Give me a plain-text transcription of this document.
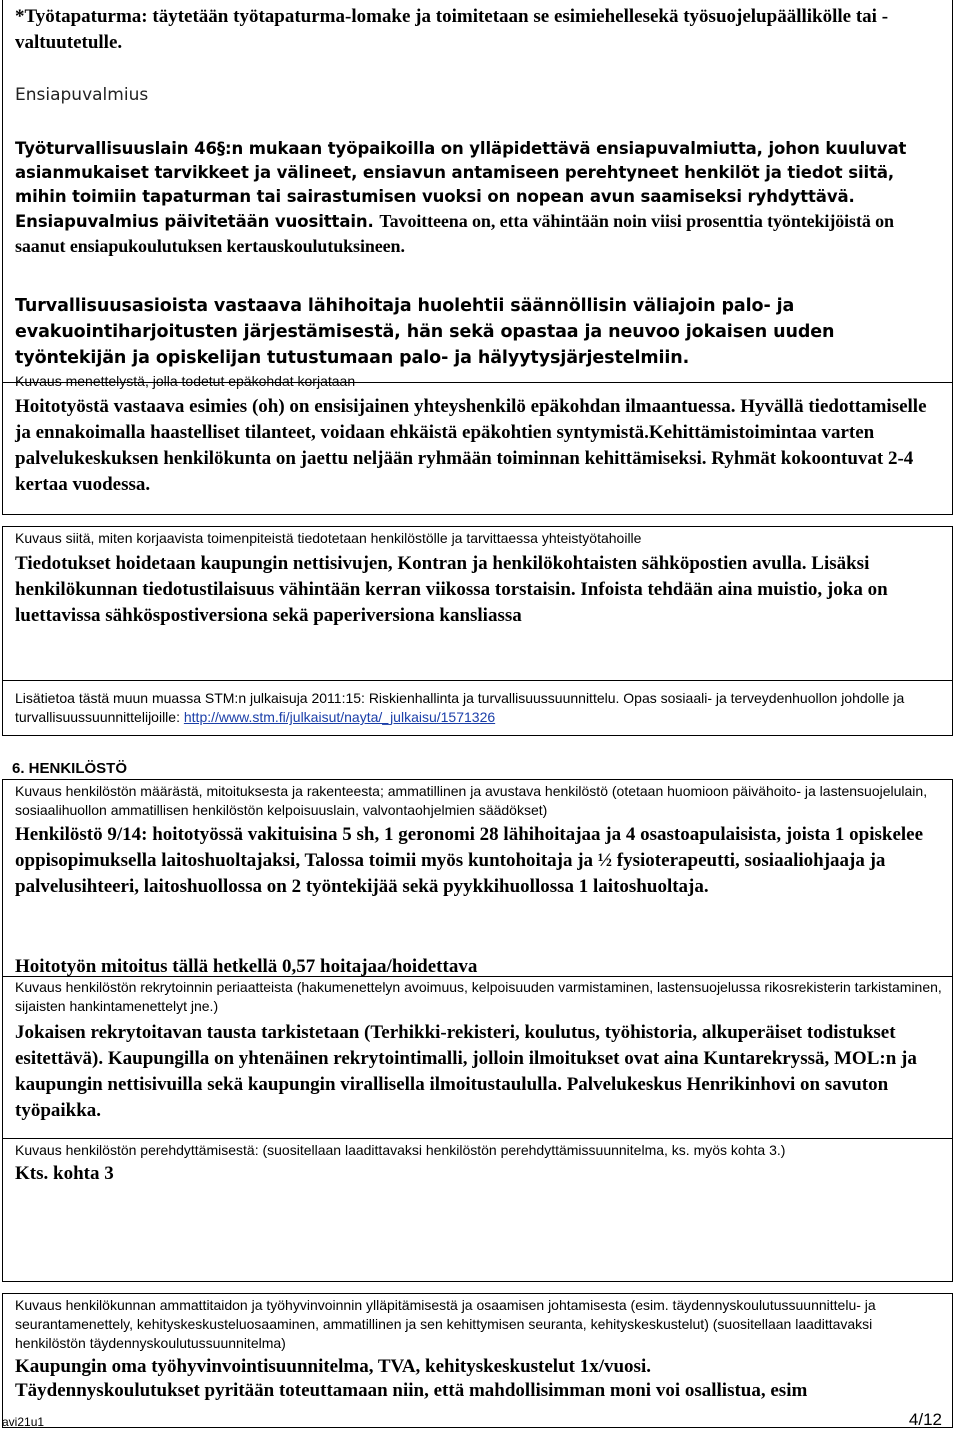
*Työtapaturma: täytetään työtapaturma-lomake ja toimitetaan se esimiehellesekä työsuojelupäällikölle tai -valtuutetulle.
Ensiapuvalmius
Työturvallisuuslain 46§:n mukaan työpaikoilla on ylläpidettävä ensiapuvalmiutta, johon kuuluvat asianmukaiset tarvikkeet ja välineet, ensiavun antamiseen perehtyneet henkilöt ja tiedot siitä, mihin toimiin tapaturman tai sairastumisen vuoksi on nopean avun saamiseksi ryhdyttävä. Ensiapuvalmius päivitetään vuosittain. Tavoitteena on, etta vähintään noin viisi prosenttia työntekijöistä on saanut ensiapukoulutuksen kertauskoulutuksineen.
Turvallisuusasioista vastaava lähihoitaja huolehtii säännöllisin väliajoin palo- ja evakuointiharjoitusten järjestämisestä, hän sekä opastaa ja neuvoo jokaisen uuden työntekijän ja opiskelijan tutustumaan palo- ja hälyytysjärjestelmiin.
Kuvaus menettelystä, jolla todetut epäkohdat korjataan
Hoitotyöstä vastaava esimies (oh) on ensisijainen yhteyshenkilö epäkohdan ilmaantuessa. Hyvällä tiedottamiselle ja ennakoimalla haastelliset tilanteet, voidaan ehkäistä epäkohtien syntymistä.Kehittämistoimintaa varten palvelukeskuksen henkilökunta on jaettu neljään ryhmään toiminnan kehittämiseksi. Ryhmät kokoontuvat 2-4 kertaa vuodessa.
Kuvaus siitä, miten korjaavista toimenpiteistä tiedotetaan henkilöstölle ja tarvittaessa yhteistyötahoille
Tiedotukset hoidetaan kaupungin nettisivujen, Kontran ja henkilökohtaisten sähköpostien avulla. Lisäksi henkilökunnan tiedotustilaisuus vähintään kerran viikossa torstaisin. Infoista tehdään aina muistio, joka on luettavissa sähköspostiversiona sekä paperiversiona kansliassa
Lisätietoa tästä muun muassa STM:n julkaisuja 2011:15: Riskienhallinta ja turvallisuussuunnittelu. Opas sosiaali- ja terveydenhuollon johdolle ja turvallisuussuunnittelijoille: http://www.stm.fi/julkaisut/nayta/_julkaisu/1571326
6. HENKILÖSTÖ
Kuvaus henkilöstön määrästä, mitoituksesta ja rakenteesta; ammatillinen ja avustava henkilöstö (otetaan huomioon päivähoito- ja lastensuojelulain, sosiaalihuollon ammatillisen henkilöstön kelpoisuuslain, valvontaohjelmien säädökset)
Henkilöstö 9/14: hoitotyössä vakituisina 5 sh, 1 geronomi 28 lähihoitajaa ja 4 osastoapulaisista, joista 1 opiskelee oppisopimuksella laitoshuoltajaksi, Talossa toimii myös kuntohoitaja ja ½ fysioterapeutti, sosiaaliohjaaja ja palvelusihteeri, laitoshuollossa on 2 työntekijää sekä pyykkihuollossa 1 laitoshuoltaja.
Hoitotyön mitoitus tällä hetkellä 0,57 hoitajaa/hoidettava
Kuvaus henkilöstön rekrytoinnin periaatteista (hakumenettelyn avoimuus, kelpoisuuden varmistaminen, lastensuojelussa rikosrekisterin tarkistaminen, sijaisten hankintamenettelyt jne.)
Jokaisen rekrytoitavan tausta tarkistetaan (Terhikki-rekisteri, koulutus, työhistoria, alkuperäiset todistukset esitettävä). Kaupungilla on yhtenäinen rekrytointimalli, jolloin ilmoitukset ovat aina Kuntarekryssä, MOL:n ja kaupungin nettisivuilla sekä kaupungin virallisella ilmoitustaululla. Palvelukeskus Henrikinhovi on savuton työpaikka.
Kuvaus henkilöstön perehdyttämisestä: (suositellaan laadittavaksi henkilöstön perehdyttämissuunnitelma, ks. myös kohta 3.)
Kts. kohta 3
Kuvaus henkilökunnan ammattitaidon ja työhyvinvoinnin ylläpitämisestä ja osaamisen johtamisesta (esim. täydennyskoulutussuunnittelu- ja seurantamenettely, kehityskeskusteluosaaminen, ammatillinen ja sen kehittymisen seuranta, kehityskeskustelut) (suositellaan laadittavaksi henkilöstön täydennyskoulutussuunnitelma)
Kaupungin oma työhyvinvointisuunnitelma, TVA, kehityskeskustelut 1x/vuosi.
Täydennyskoulutukset pyritään toteuttamaan niin, että mahdollisimman moni voi osallistua, esim
avi21u1	4/12
